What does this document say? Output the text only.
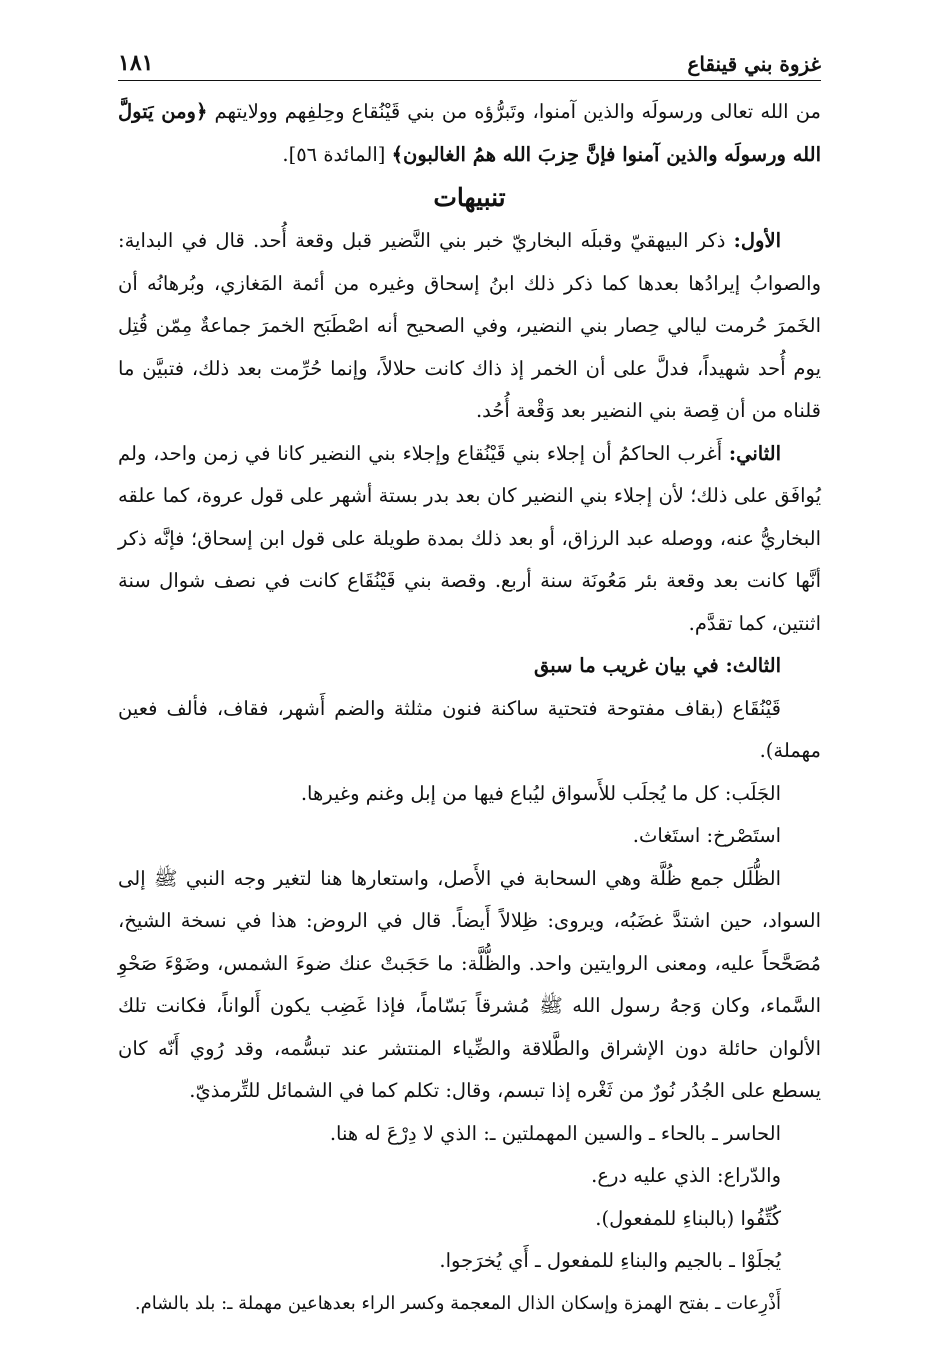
غزوة بني قينقاع
١٨١

من الله تعالى ورسولَه والذين آمنوا، وتَبرُّؤه من بني قَيْنُقاع وحِلفِهم وولايتهم ﴿ومن يَتولَّ الله ورسولَه والذين آمنوا فإنَّ حِزبَ الله همُ الغالبون﴾ [المائدة ٥٦].

تنبيهات

الأول: ذكر البيهقيّ وقبلَه البخاريّ خبر بني النَّضير قبل وقعة أُحد. قال في البداية: والصوابُ إيرادُها بعدها كما ذكر ذلك ابنُ إسحاق وغيره من أئمة المَغازي، وبُرهانُه أن الخَمرَ حُرمت ليالي حِصار بني النضير، وفي الصحيح أنه اصْطَبَح الخمرَ جماعةٌ مِمّن قُتِل يوم أُحد شهيداً، فدلَّ على أن الخمر إذ ذاك كانت حلالاً، وإنما حُرِّمت بعد ذلك، فتبيَّن ما قلناه من أن قِصة بني النضير بعد وَقْعة أُحُد.

الثاني: أَغرب الحاكمُ أن إجلاء بني قَيْنُقاع وإجلاء بني النضير كانا في زمن واحد، ولم يُوافَق على ذلك؛ لأن إجلاء بني النضير كان بعد بدر بستة أشهر على قول عروة، كما علقه البخاريُّ عنه، ووصله عبد الرزاق، أو بعد ذلك بمدة طويلة على قول ابن إسحاق؛ فإنَّه ذكر أنَّها كانت بعد وقعة بئر مَعُونَة سنة أربع. وقصة بني قَيْنُقَاع كانت في نصف شوال سنة اثنتين، كما تقدَّم.

الثالث: في بيان غريب ما سبق

قَيْنُقَاع (بقاف مفتوحة فتحتية ساكنة فنون مثلثة والضم أَشهر، فقاف، فألف فعين مهملة).

الجَلَب: كل ما يُجلَب للأَسواق ليُباع فيها من إبل وغنم وغيرها.

استَصْرخ: استَغاث.

الظُّلَل جمع ظُلَّة وهي السحابة في الأَصل، واستعارها هنا لتغير وجه النبي ﷺ إلى السواد، حين اشتدَّ غضَبُه، ويروى: ظِلالاً أَيضاً. قال في الروض: هذا في نسخة الشيخ، مُصَحَّحاً عليه، ومعنى الروايتين واحد. والظُّلَّة: ما حَجَبتْ عنك ضوءَ الشمس، وضَوْءَ صَحْوِ السَّماء، وكان وَجهُ رسول الله ﷺ مُشرقاً بَسّاماً، فإذا غَضِب يكون أَلواناً، فكانت تلك الألوان حائلة دون الإشراق والطَّلاقة والضِّياء المنتشر عند تبسُّمه، وقد رُوي أَنّه كان يسطع على الجُدُر نُورٌ من ثَغْره إذا تبسم، وقال: تكلم كما في الشمائل للتِّرمذيّ.

الحاسر ـ بالحاء ـ والسين المهملتين ـ: الذي لا دِرْعَ له هنا.

والدّراع: الذي عليه درع.

كُتِّفُوا (بالبناءِ للمفعول).

يُجلَوْا ـ بالجيم والبناءِ للمفعول ـ أَي يُخرَجوا.

أَذْرِعات ـ بفتح الهمزة وإسكان الذال المعجمة وكسر الراء بعدهاعين مهملة ـ: بلد بالشام.
